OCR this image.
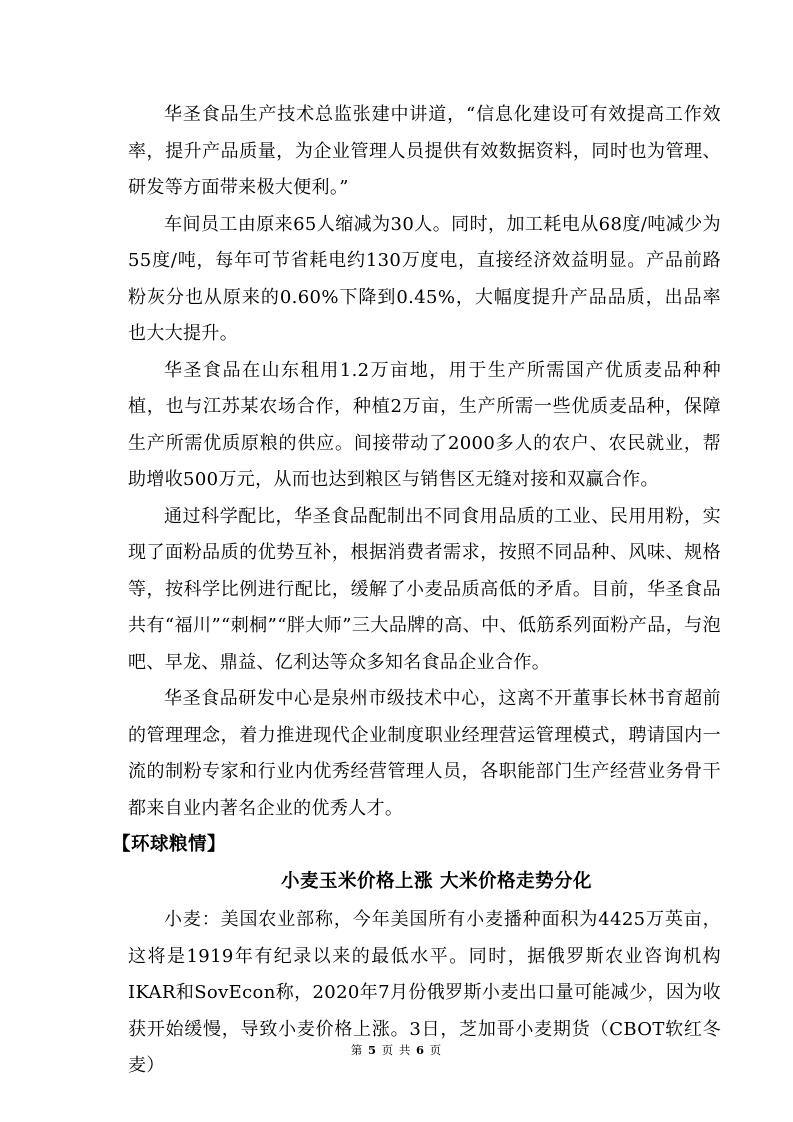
华圣食品生产技术总监张建中讲道，“信息化建设可有效提高工作效率，提升产品质量，为企业管理人员提供有效数据资料，同时也为管理、研发等方面带来极大便利。”

车间员工由原来65人缩减为30人。同时，加工耗电从68度/吨减少为55度/吨，每年可节省耗电约130万度电，直接经济效益明显。产品前路粉灰分也从原来的0.60%下降到0.45%，大幅度提升产品品质，出品率也大大提升。

华圣食品在山东租用1.2万亩地，用于生产所需国产优质麦品种种植，也与江苏某农场合作，种植2万亩，生产所需一些优质麦品种，保障生产所需优质原粮的供应。间接带动了2000多人的农户、农民就业，帮助增收500万元，从而也达到粮区与销售区无缝对接和双赢合作。

通过科学配比，华圣食品配制出不同食用品质的工业、民用用粉，实现了面粉品质的优势互补，根据消费者需求，按照不同品种、风味、规格等，按科学比例进行配比，缓解了小麦品质高低的矛盾。目前，华圣食品共有“福川”“刺桐”“胖大师”三大品牌的高、中、低筋系列面粉产品，与泡吧、早龙、鼎益、亿利达等众多知名食品企业合作。

华圣食品研发中心是泉州市级技术中心，这离不开董事长林书育超前的管理理念，着力推进现代企业制度职业经理营运管理模式，聘请国内一流的制粉专家和行业内优秀经营管理人员，各职能部门生产经营业务骨干都来自业内著名企业的优秀人才。

【环球粮情】
小麦玉米价格上涨 大米价格走势分化

小麦：美国农业部称，今年美国所有小麦播种面积为4425万英亩，这将是1919年有纪录以来的最低水平。同时，据俄罗斯农业咨询机构IKAR和SovEcon称，2020年7月份俄罗斯小麦出口量可能减少，因为收获开始缓慢，导致小麦价格上涨。3日，芝加哥小麦期货（CBOT软红冬麦）

第 5 页 共 6 页
